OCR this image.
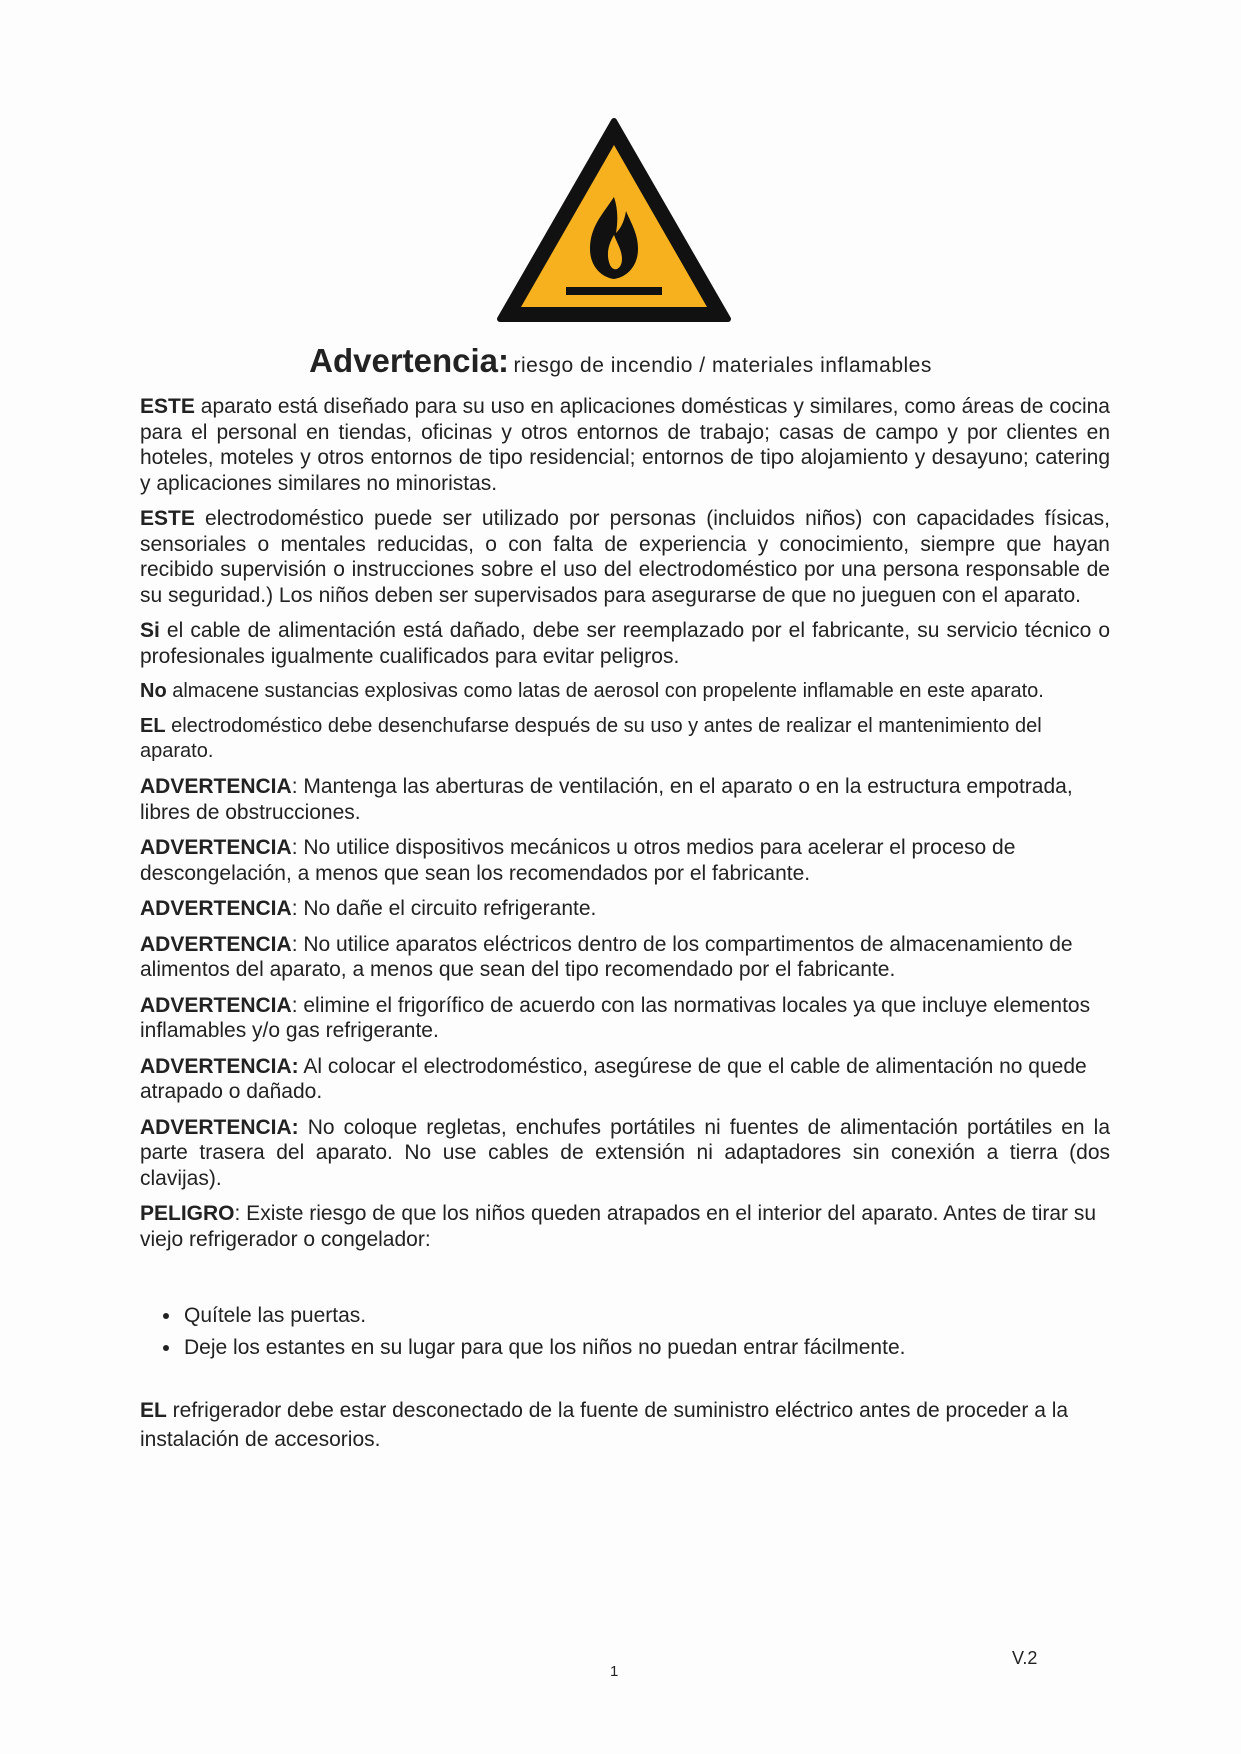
Advertencia: riesgo de incendio / materiales inflamables

ESTE aparato está diseñado para su uso en aplicaciones domésticas y similares, como áreas de cocina para el personal en tiendas, oficinas y otros entornos de trabajo; casas de campo y por clientes en hoteles, moteles y otros entornos de tipo residencial; entornos de tipo alojamiento y desayuno; catering y aplicaciones similares no minoristas.

ESTE electrodoméstico puede ser utilizado por personas (incluidos niños) con capacidades físicas, sensoriales o mentales reducidas, o con falta de experiencia y conocimiento, siempre que hayan recibido supervisión o instrucciones sobre el uso del electrodoméstico por una persona responsable de su seguridad.) Los niños deben ser supervisados para asegurarse de que no jueguen con el aparato.

Si el cable de alimentación está dañado, debe ser reemplazado por el fabricante, su servicio técnico o profesionales igualmente cualificados para evitar peligros.

No almacene sustancias explosivas como latas de aerosol con propelente inflamable en este aparato.

EL electrodoméstico debe desenchufarse después de su uso y antes de realizar el mantenimiento del aparato.

ADVERTENCIA: Mantenga las aberturas de ventilación, en el aparato o en la estructura empotrada, libres de obstrucciones.

ADVERTENCIA: No utilice dispositivos mecánicos u otros medios para acelerar el proceso de descongelación, a menos que sean los recomendados por el fabricante.

ADVERTENCIA: No dañe el circuito refrigerante.

ADVERTENCIA: No utilice aparatos eléctricos dentro de los compartimentos de almacenamiento de alimentos del aparato, a menos que sean del tipo recomendado por el fabricante.

ADVERTENCIA: elimine el frigorífico de acuerdo con las normativas locales ya que incluye elementos inflamables y/o gas refrigerante.

ADVERTENCIA: Al colocar el electrodoméstico, asegúrese de que el cable de alimentación no quede atrapado o dañado.

ADVERTENCIA: No coloque regletas, enchufes portátiles ni fuentes de alimentación portátiles en la parte trasera del aparato. No use cables de extensión ni adaptadores sin conexión a tierra (dos clavijas).

PELIGRO: Existe riesgo de que los niños queden atrapados en el interior del aparato. Antes de tirar su viejo refrigerador o congelador:

• Quítele las puertas.
• Deje los estantes en su lugar para que los niños no puedan entrar fácilmente.

EL refrigerador debe estar desconectado de la fuente de suministro eléctrico antes de proceder a la instalación de accesorios.

1
V.2
